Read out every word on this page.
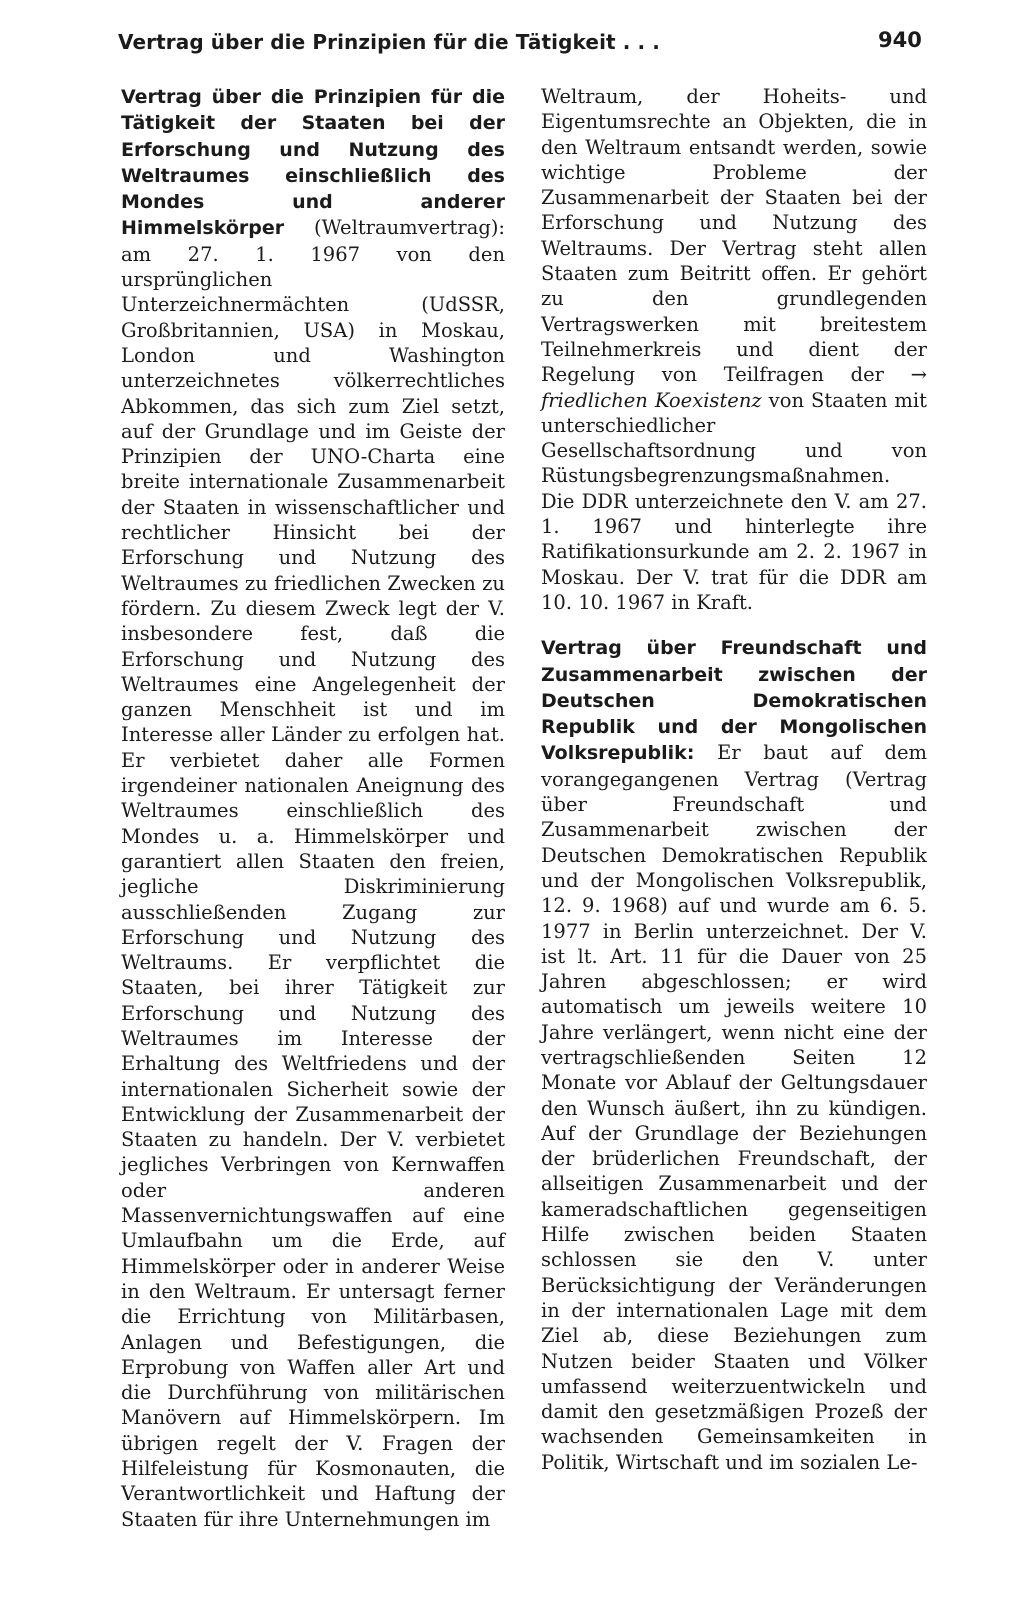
Vertrag über die Prinzipien für die Tätigkeit . . .	940

Vertrag über die Prinzipien für die Tätigkeit der Staaten bei der Erforschung und Nutzung des Weltraumes einschließlich des Mondes und anderer Himmelskörper (Weltraumvertrag): am 27. 1. 1967 von den ursprünglichen Unterzeichnermächten (UdSSR, Großbritannien, USA) in Moskau, London und Washington unterzeichnetes völkerrechtliches Abkommen, das sich zum Ziel setzt, auf der Grundlage und im Geiste der Prinzipien der UNO-Charta eine breite internationale Zusammenarbeit der Staaten in wissenschaftlicher und rechtlicher Hinsicht bei der Erforschung und Nutzung des Weltraumes zu friedlichen Zwecken zu fördern. Zu diesem Zweck legt der V. insbesondere fest, daß die Erforschung und Nutzung des Weltraumes eine Angelegenheit der ganzen Menschheit ist und im Interesse aller Länder zu erfolgen hat. Er verbietet daher alle Formen irgendeiner nationalen Aneignung des Weltraumes einschließlich des Mondes u. a. Himmelskörper und garantiert allen Staaten den freien, jegliche Diskriminierung ausschließenden Zugang zur Erforschung und Nutzung des Weltraums. Er verpflichtet die Staaten, bei ihrer Tätigkeit zur Erforschung und Nutzung des Weltraumes im Interesse der Erhaltung des Weltfriedens und der internationalen Sicherheit sowie der Entwicklung der Zusammenarbeit der Staaten zu handeln. Der V. verbietet jegliches Verbringen von Kernwaffen oder anderen Massenvernichtungswaffen auf eine Umlaufbahn um die Erde, auf Himmelskörper oder in anderer Weise in den Weltraum. Er untersagt ferner die Errichtung von Militärbasen, Anlagen und Befestigungen, die Erprobung von Waffen aller Art und die Durchführung von militärischen Manövern auf Himmelskörpern. Im übrigen regelt der V. Fragen der Hilfeleistung für Kosmonauten, die Verantwortlichkeit und Haftung der Staaten für ihre Unternehmungen im

Weltraum, der Hoheits- und Eigentumsrechte an Objekten, die in den Weltraum entsandt werden, sowie wichtige Probleme der Zusammenarbeit der Staaten bei der Erforschung und Nutzung des Weltraums. Der Vertrag steht allen Staaten zum Beitritt offen. Er gehört zu den grundlegenden Vertragswerken mit breitestem Teilnehmerkreis und dient der Regelung von Teilfragen der → friedlichen Koexistenz von Staaten mit unterschiedlicher Gesellschaftsordnung und von Rüstungsbegrenzungsmaßnahmen. Die DDR unterzeichnete den V. am 27. 1. 1967 und hinterlegte ihre Ratifikationsurkunde am 2. 2. 1967 in Moskau. Der V. trat für die DDR am 10. 10. 1967 in Kraft.

Vertrag über Freundschaft und Zusammenarbeit zwischen der Deutschen Demokratischen Republik und der Mongolischen Volksrepublik: Er baut auf dem vorangegangenen Vertrag (Vertrag über Freundschaft und Zusammenarbeit zwischen der Deutschen Demokratischen Republik und der Mongolischen Volksrepublik, 12. 9. 1968) auf und wurde am 6. 5. 1977 in Berlin unterzeichnet. Der V. ist lt. Art. 11 für die Dauer von 25 Jahren abgeschlossen; er wird automatisch um jeweils weitere 10 Jahre verlängert, wenn nicht eine der vertragschließenden Seiten 12 Monate vor Ablauf der Geltungsdauer den Wunsch äußert, ihn zu kündigen. Auf der Grundlage der Beziehungen der brüderlichen Freundschaft, der allseitigen Zusammenarbeit und der kameradschaftlichen gegenseitigen Hilfe zwischen beiden Staaten schlossen sie den V. unter Berücksichtigung der Veränderungen in der internationalen Lage mit dem Ziel ab, diese Beziehungen zum Nutzen beider Staaten und Völker umfassend weiterzuentwickeln und damit den gesetzmäßigen Prozeß der wachsenden Gemeinsamkeiten in Politik, Wirtschaft und im sozialen Le-
